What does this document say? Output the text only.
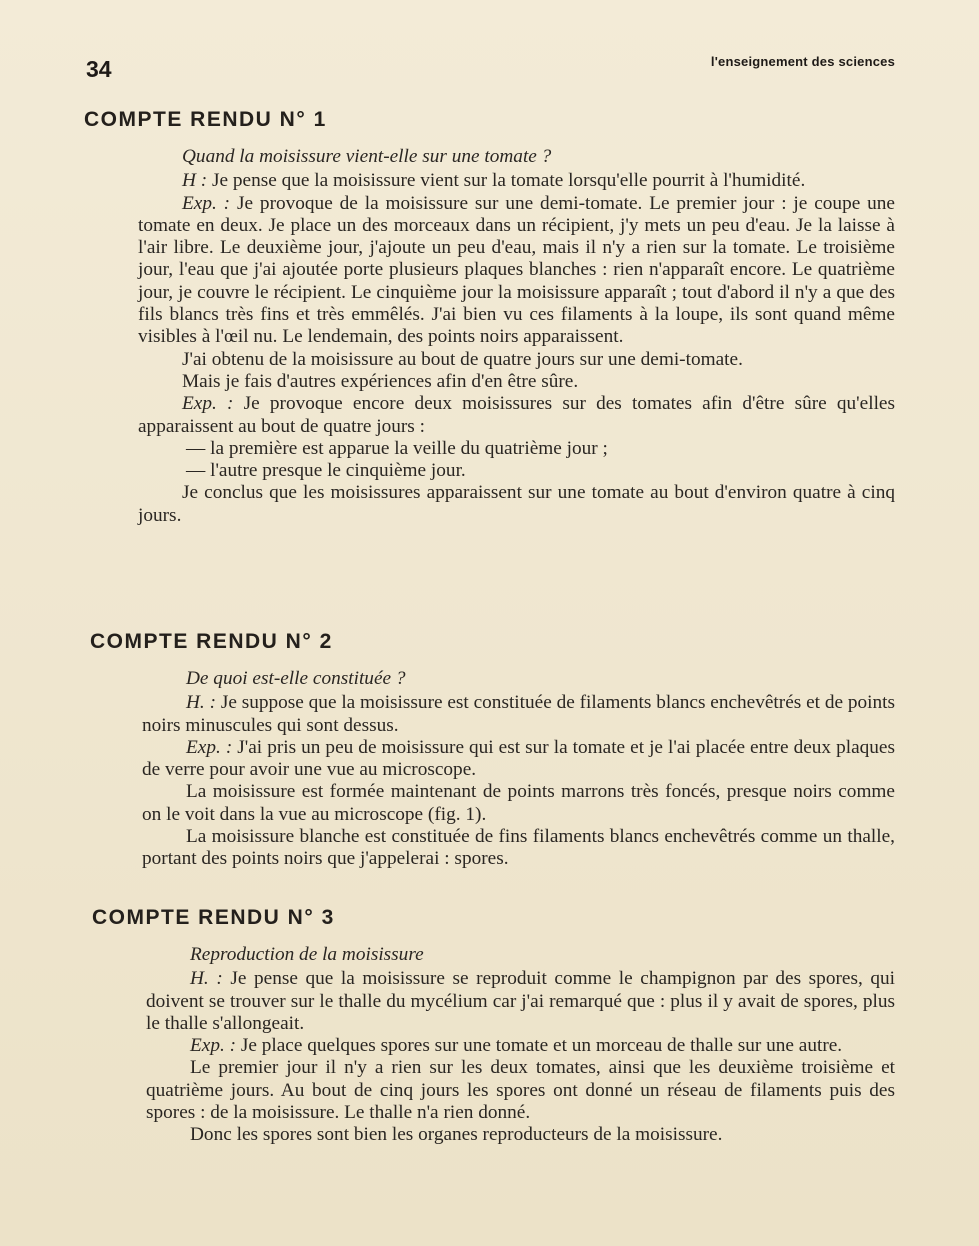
34	l'enseignement des sciences
COMPTE RENDU N° 1

Quand la moisissure vient-elle sur une tomate ?

H : Je pense que la moisissure vient sur la tomate lorsqu'elle pourrit à l'humidité.

Exp. : Je provoque de la moisissure sur une demi-tomate. Le premier jour : je coupe une tomate en deux. Je place un des morceaux dans un récipient, j'y mets un peu d'eau. Je la laisse à l'air libre. Le deuxième jour, j'ajoute un peu d'eau, mais il n'y a rien sur la tomate. Le troisième jour, l'eau que j'ai ajoutée porte plusieurs plaques blanches : rien n'apparaît encore. Le quatrième jour, je couvre le récipient. Le cinquième jour la moisissure apparaît ; tout d'abord il n'y a que des fils blancs très fins et très emmêlés. J'ai bien vu ces filaments à la loupe, ils sont quand même visibles à l'œil nu. Le lendemain, des points noirs apparaissent.

J'ai obtenu de la moisissure au bout de quatre jours sur une demi-tomate.

Mais je fais d'autres expériences afin d'en être sûre.

Exp. : Je provoque encore deux moisissures sur des tomates afin d'être sûre qu'elles apparaissent au bout de quatre jours :

— la première est apparue la veille du quatrième jour ;

— l'autre presque le cinquième jour.

Je conclus que les moisissures apparaissent sur une tomate au bout d'environ quatre à cinq jours.

COMPTE RENDU N° 2

De quoi est-elle constituée ?

H. : Je suppose que la moisissure est constituée de filaments blancs enchevêtrés et de points noirs minuscules qui sont dessus.

Exp. : J'ai pris un peu de moisissure qui est sur la tomate et je l'ai placée entre deux plaques de verre pour avoir une vue au microscope.

La moisissure est formée maintenant de points marrons très foncés, presque noirs comme on le voit dans la vue au microscope (fig. 1).

La moisissure blanche est constituée de fins filaments blancs enchevêtrés comme un thalle, portant des points noirs que j'appelerai : spores.

COMPTE RENDU N° 3

Reproduction de la moisissure

H. : Je pense que la moisissure se reproduit comme le champignon par des spores, qui doivent se trouver sur le thalle du mycélium car j'ai remarqué que : plus il y avait de spores, plus le thalle s'allongeait.

Exp. : Je place quelques spores sur une tomate et un morceau de thalle sur une autre.

Le premier jour il n'y a rien sur les deux tomates, ainsi que les deuxième troisième et quatrième jours. Au bout de cinq jours les spores ont donné un réseau de filaments puis des spores : de la moisissure. Le thalle n'a rien donné.

Donc les spores sont bien les organes reproducteurs de la moisissure.
